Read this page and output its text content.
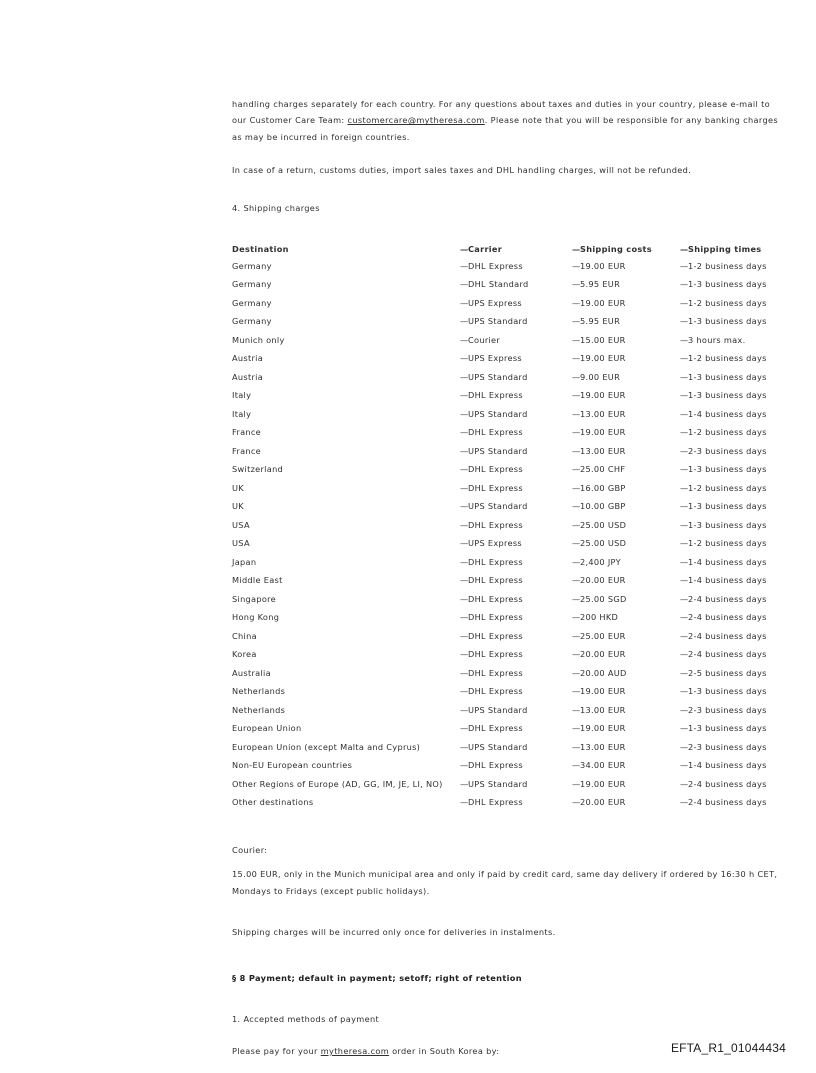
handling charges separately for each country. For any questions about taxes and duties in your country, please e-mail to our Customer Care Team: customercare@mytheresa.com. Please note that you will be responsible for any banking charges as may be incurred in foreign countries.

In case of a return, customs duties, import sales taxes and DHL handling charges, will not be refunded.

4. Shipping charges

Destination	—Carrier	—Shipping costs	—Shipping times
Germany	—DHL Express	—19.00 EUR	—1-2 business days
Germany	—DHL Standard	—5.95 EUR	—1-3 business days
Germany	—UPS Express	—19.00 EUR	—1-2 business days
Germany	—UPS Standard	—5.95 EUR	—1-3 business days
Munich only	—Courier	—15.00 EUR	—3 hours max.
Austria	—UPS Express	—19.00 EUR	—1-2 business days
Austria	—UPS Standard	—9.00 EUR	—1-3 business days
Italy	—DHL Express	—19.00 EUR	—1-3 business days
Italy	—UPS Standard	—13.00 EUR	—1-4 business days
France	—DHL Express	—19.00 EUR	—1-2 business days
France	—UPS Standard	—13.00 EUR	—2-3 business days
Switzerland	—DHL Express	—25.00 CHF	—1-3 business days
UK	—DHL Express	—16.00 GBP	—1-2 business days
UK	—UPS Standard	—10.00 GBP	—1-3 business days
USA	—DHL Express	—25.00 USD	—1-3 business days
USA	—UPS Express	—25.00 USD	—1-2 business days
Japan	—DHL Express	—2,400 JPY	—1-4 business days
Middle East	—DHL Express	—20.00 EUR	—1-4 business days
Singapore	—DHL Express	—25.00 SGD	—2-4 business days
Hong Kong	—DHL Express	—200 HKD	—2-4 business days
China	—DHL Express	—25.00 EUR	—2-4 business days
Korea	—DHL Express	—20.00 EUR	—2-4 business days
Australia	—DHL Express	—20.00 AUD	—2-5 business days
Netherlands	—DHL Express	—19.00 EUR	—1-3 business days
Netherlands	—UPS Standard	—13.00 EUR	—2-3 business days
European Union	—DHL Express	—19.00 EUR	—1-3 business days
European Union (except Malta and Cyprus)	—UPS Standard	—13.00 EUR	—2-3 business days
Non-EU European countries	—DHL Express	—34.00 EUR	—1-4 business days
Other Regions of Europe (AD, GG, IM, JE, LI, NO)	—UPS Standard	—19.00 EUR	—2-4 business days
Other destinations	—DHL Express	—20.00 EUR	—2-4 business days

Courier:

15.00 EUR, only in the Munich municipal area and only if paid by credit card, same day delivery if ordered by 16:30 h CET, Mondays to Fridays (except public holidays).

Shipping charges will be incurred only once for deliveries in instalments.

§ 8 Payment; default in payment; setoff; right of retention

1. Accepted methods of payment

Please pay for your mytheresa.com order in South Korea by:	EFTA_R1_01044434
